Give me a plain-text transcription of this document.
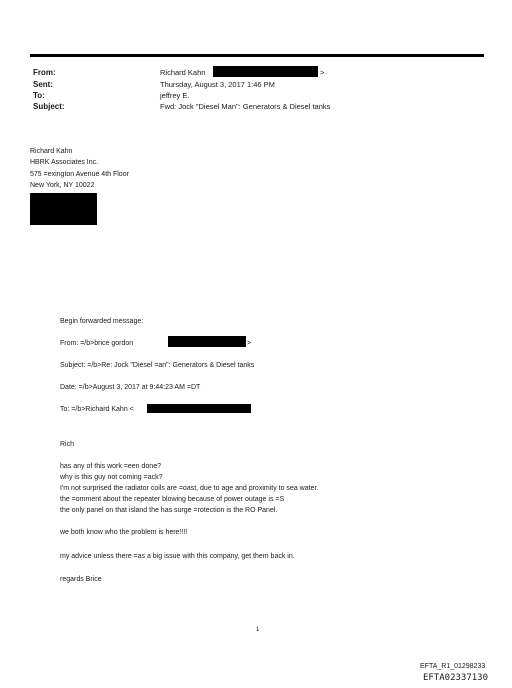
From:
Sent:
To:
Subject:
Richard Kahn	>
Thursday, August 3, 2017 1:46 PM
jeffrey E.
Fwd: Jock "Diesel Man": Generators & Diesel tanks
Richard Kahn
HBRK Associates Inc.
575 =exington Avenue 4th Floor
New York, NY 10022
Begin forwarded message:
From: =/b>brice gordon	>
Subject: =/b>Re: Jock "Diesel =an": Generators & Diesel tanks
Date: =/b>August 3, 2017 at 9:44:23 AM =DT
To: =/b>Richard Kahn <
Rich
has any of this work =een done?
why is this guy not coming =ack?
I'm not surprised the radiator coils are =oast, due to age and proximity to sea water.
the =omment about the repeater blowing because of power outage is =S
the only panel on that island the has surge =rotection is the RO Panel.
we both know who the problem is here!!!!
my advice unless there =as a big issue with this company, get them back in.
regards Brice
1
EFTA_R1_01298233
EFTA02337130
